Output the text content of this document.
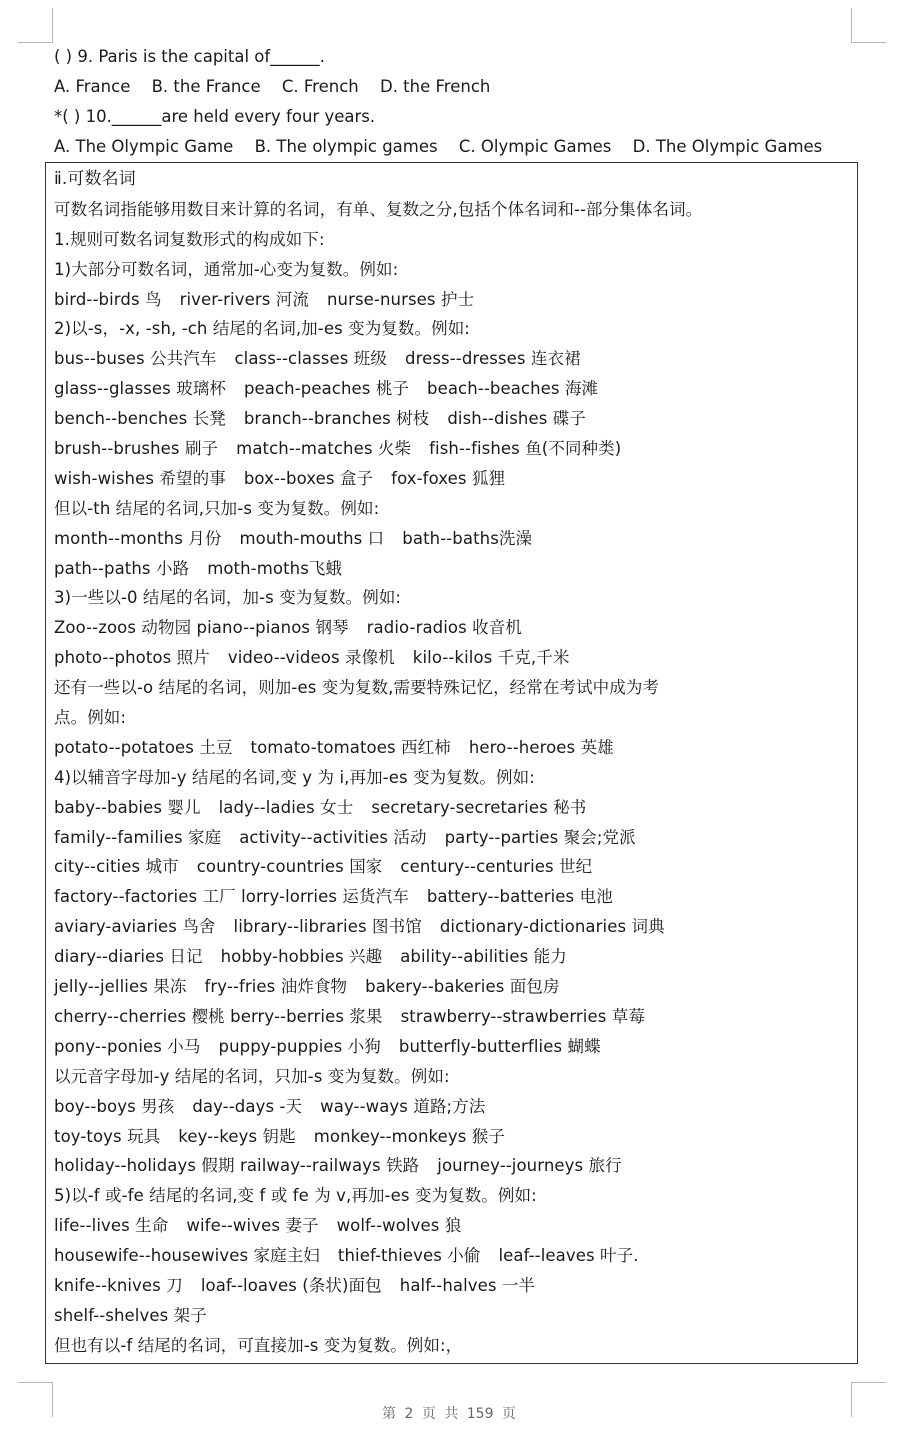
( ) 9. Paris is the capital of______.
A. France B. the France C. French D. the French
*( ) 10.______are held every four years.
A. The Olympic Game B. The olympic games C. Olympic Games D. The Olympic Games
ⅱ.可数名词
可数名词指能够用数目来计算的名词，有单、复数之分,包括个体名词和--部分集体名词。
1.规则可数名词复数形式的构成如下:
1)大部分可数名词，通常加-心变为复数。例如:
bird--birds 鸟 river-rivers 河流 nurse-nurses 护士
2)以-s，-x, -sh, -ch 结尾的名词,加-es 变为复数。例如:
bus--buses 公共汽车 class--classes 班级 dress--dresses 连衣裙
glass--glasses 玻璃杯 peach-peaches 桃子 beach--beaches 海滩
bench--benches 长凳 branch--branches 树枝 dish--dishes 碟子
brush--brushes 刷子 match--matches 火柴 fish--fishes 鱼(不同种类)
wish-wishes 希望的事 box--boxes 盒子 fox-foxes 狐狸
但以-th 结尾的名词,只加-s 变为复数。例如:
month--months 月份 mouth-mouths 口 bath--baths洗澡
path--paths 小路 moth-moths飞蛾
3)一些以-0 结尾的名词，加-s 变为复数。例如:
Zoo--zoos 动物园 piano--pianos 钢琴 radio-radios 收音机
photo--photos 照片 video--videos 录像机 kilo--kilos 千克,千米
还有一些以-o 结尾的名词，则加-es 变为复数,需要特殊记忆，经常在考试中成为考
点。例如:
potato--potatoes 土豆 tomato-tomatoes 西红柿 hero--heroes 英雄
4)以辅音字母加-y 结尾的名词,变 y 为 i,再加-es 变为复数。例如:
baby--babies 婴儿 lady--ladies 女士 secretary-secretaries 秘书
family--families 家庭 activity--activities 活动 party--parties 聚会;党派
city--cities 城市 country-countries 国家 century--centuries 世纪
factory--factories 工厂 lorry-lorries 运货汽车 battery--batteries 电池
aviary-aviaries 鸟舍 library--libraries 图书馆 dictionary-dictionaries 词典
diary--diaries 日记 hobby-hobbies 兴趣 ability--abilities 能力
jelly--jellies 果冻 fry--fries 油炸食物 bakery--bakeries 面包房
cherry--cherries 樱桃 berry--berries 浆果 strawberry--strawberries 草莓
pony--ponies 小马 puppy-puppies 小狗 butterfly-butterflies 蝴蝶
以元音字母加-y 结尾的名词，只加-s 变为复数。例如:
boy--boys 男孩 day--days -天 way--ways 道路;方法
toy-toys 玩具 key--keys 钥匙 monkey--monkeys 猴子
holiday--holidays 假期 railway--railways 铁路 journey--journeys 旅行
5)以-f 或-fe 结尾的名词,变 f 或 fe 为 v,再加-es 变为复数。例如:
life--lives 生命 wife--wives 妻子 wolf--wolves 狼
housewife--housewives 家庭主妇 thief-thieves 小偷 leaf--leaves 叶子.
knife--knives 刀 loaf--loaves (条状)面包 half--halves 一半
shelf--shelves 架子
但也有以-f 结尾的名词，可直接加-s 变为复数。例如:，
第 2 页 共 159 页
